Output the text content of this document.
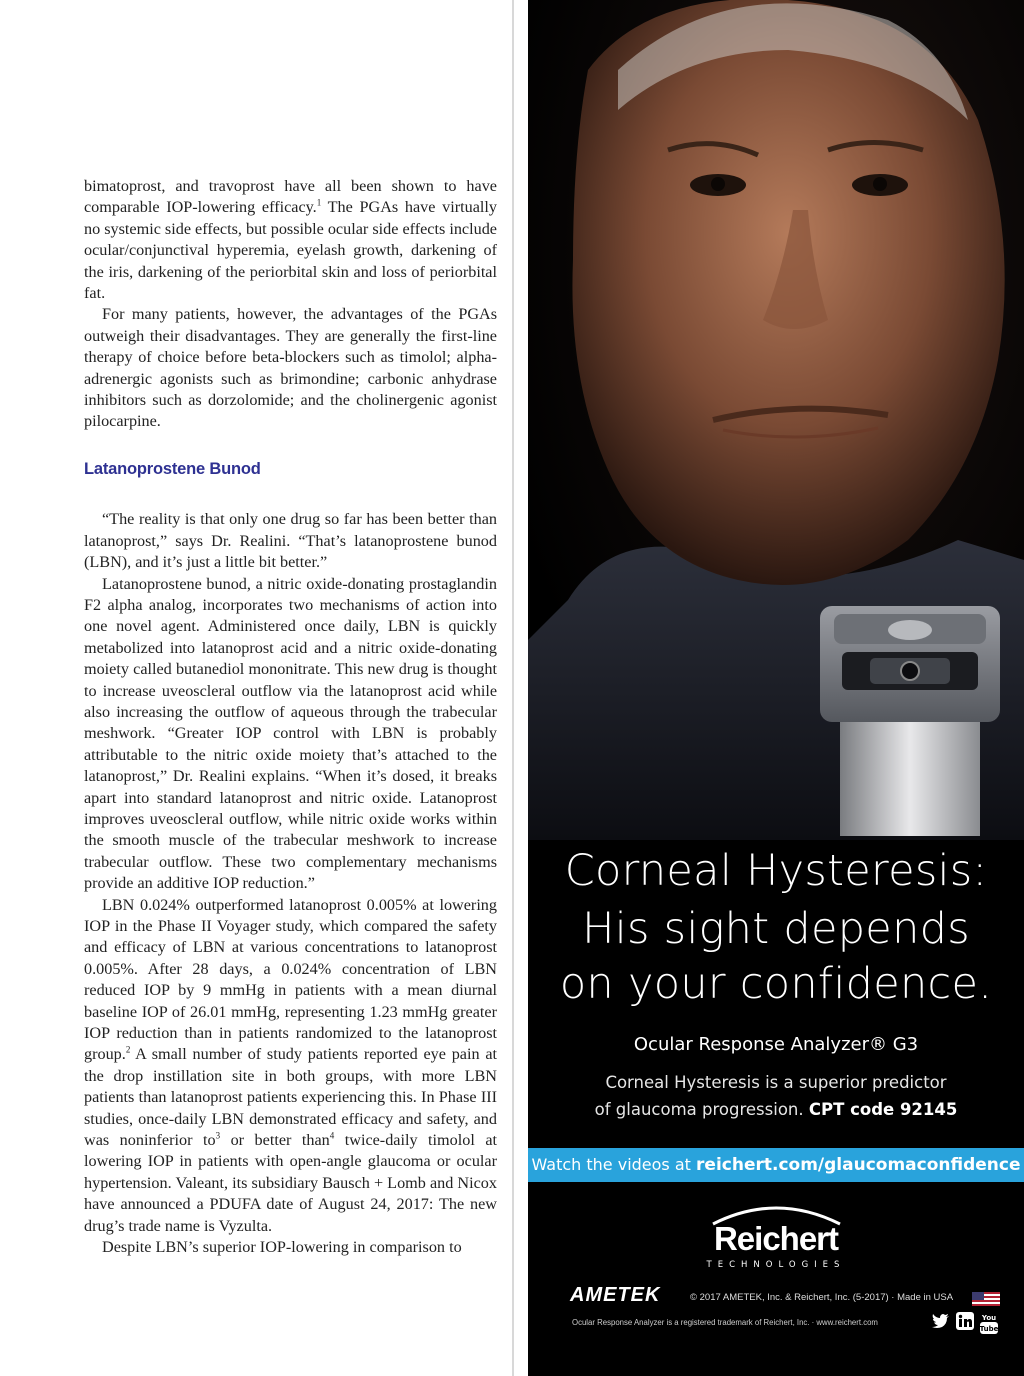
bimatoprost, and travoprost have all been shown to have comparable IOP-lowering efficacy.$^1$ The PGAs have virtually no systemic side effects, but possible ocular side effects include ocular/conjunctival hyperemia, eyelash growth, darkening of the iris, darkening of the periorbital skin and loss of periorbital fat.

For many patients, however, the advantages of the PGAs outweigh their disadvantages. They are generally the first-line therapy of choice before beta-blockers such as timolol; alpha-adrenergic agonists such as brimondine; carbonic anhydrase inhibitors such as dorzolomide; and the cholinergenic agonist pilocarpine.

Latanoprostene Bunod

“The reality is that only one drug so far has been better than latanoprost,” says Dr. Realini. “That’s latanoprostene bunod (LBN), and it’s just a little bit better.”

Latanoprostene bunod, a nitric oxide-donating prostaglandin F2 alpha analog, incorporates two mechanisms of action into one novel agent. Administered once daily, LBN is quickly metabolized into latanoprost acid and a nitric oxide-donating moiety called butanediol mononitrate. This new drug is thought to increase uveoscleral outflow via the latanoprost acid while also increasing the outflow of aqueous through the trabecular meshwork. “Greater IOP control with LBN is probably attributable to the nitric oxide moiety that’s attached to the latanoprost,” Dr. Realini explains. “When it’s dosed, it breaks apart into standard latanoprost and nitric oxide. Latanoprost improves uveoscleral outflow, while nitric oxide works within the smooth muscle of the trabecular meshwork to increase trabecular outflow. These two complementary mechanisms provide an additive IOP reduction.”

LBN 0.024% outperformed latanoprost 0.005% at lowering IOP in the Phase II Voyager study, which compared the safety and efficacy of LBN at various concentrations to latanoprost 0.005%. After 28 days, a 0.024% concentration of LBN reduced IOP by 9 mmHg in patients with a mean diurnal baseline IOP of 26.01 mmHg, representing 1.23 mmHg greater IOP reduction than in patients randomized to the latanoprost group.$^2$ A small number of study patients reported eye pain at the drop instillation site in both groups, with more LBN patients than latanoprost patients experiencing this. In Phase III studies, once-daily LBN demonstrated efficacy and safety, and was noninferior $to^3$ or better than$^4$ twice-daily timolol at lowering IOP in patients with open-angle glaucoma or ocular hypertension. Valeant, its subsidiary Bausch + Lomb and Nicox have announced a PDUFA date of August 24, 2017: The new drug’s trade name is Vyzulta.

Despite LBN’s superior IOP-lowering in comparison to

Corneal Hysteresis:
His sight depends
on your confidence.
Ocular Response Analyzer® G3
Corneal Hysteresis is a superior predictor
of glaucoma progression. CPT code 92145
Watch the videos at reichert.com/glaucomaconfidence
Reichert
TECHNOLOGIES
AMETEK	© 2017 AMETEK, Inc. & Reichert, Inc. (5-2017) · Made in USA
Ocular Response Analyzer is a registered trademark of Reichert, Inc. · www.reichert.com	You
Tube
